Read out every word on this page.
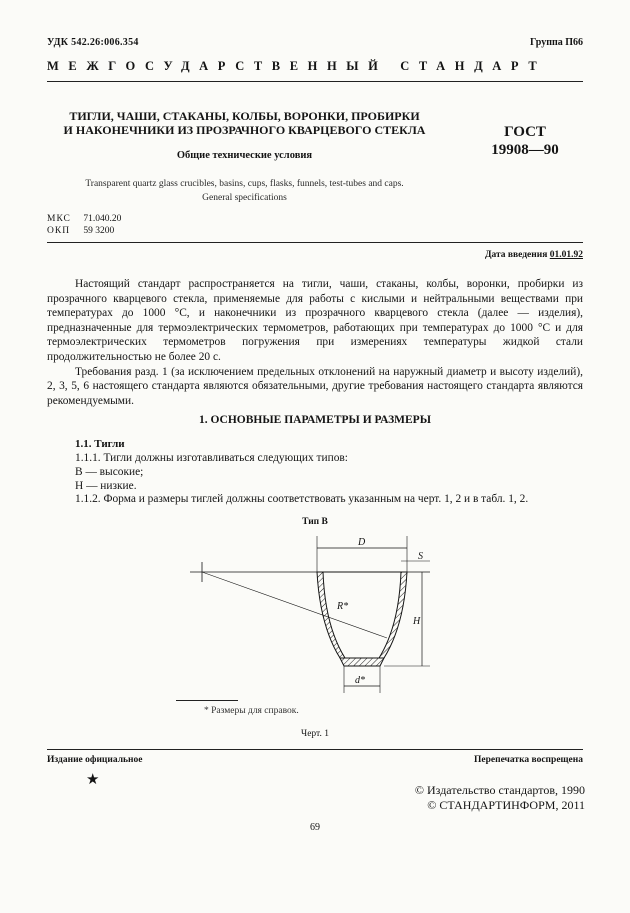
УДК 542.26:006.354	Группа П66
МЕЖГОСУДАРСТВЕННЫЙ СТАНДАРТ
ТИГЛИ, ЧАШИ, СТАКАНЫ, КОЛБЫ, ВОРОНКИ, ПРОБИРКИ
И НАКОНЕЧНИКИ ИЗ ПРОЗРАЧНОГО КВАРЦЕВОГО СТЕКЛА
Общие технические условия
ГОСТ
19908—90
Transparent quartz glass crucibles, basins, cups, flasks, funnels, test-tubes and caps.
General specifications
МКС 71.040.20
ОКП 59 3200
Дата введения 01.01.92

Настоящий стандарт распространяется на тигли, чаши, стаканы, колбы, воронки, пробирки из прозрачного кварцевого стекла, применяемые для работы с кислыми и нейтральными веществами при температурах до 1000 °С, и наконечники из прозрачного кварцевого стекла (далее — изделия), предназначенные для термоэлектрических термометров, работающих при температурах до 1000 °С и для термоэлектрических термометров погружения при измерениях температуры жидкой стали продолжительностью не более 20 с.

Требования разд. 1 (за исключением предельных отклонений на наружный диаметр и высоту изделий), 2, 3, 5, 6 настоящего стандарта являются обязательными, другие требования настоящего стандарта являются рекомендуемыми.

1. ОСНОВНЫЕ ПАРАМЕТРЫ И РАЗМЕРЫ
1.1. Тигли
1.1.1. Тигли должны изготавливаться следующих типов:
В — высокие;
Н — низкие.
1.1.2. Форма и размеры тиглей должны соответствовать указанным на черт. 1, 2 и в табл. 1, 2.
Тип В
D
S
H
R*
d*
* Размеры для справок.
Черт. 1
Издание официальное	Перепечатка воспрещена
★
© Издательство стандартов, 1990
© СТАНДАРТИНФОРМ, 2011
69
